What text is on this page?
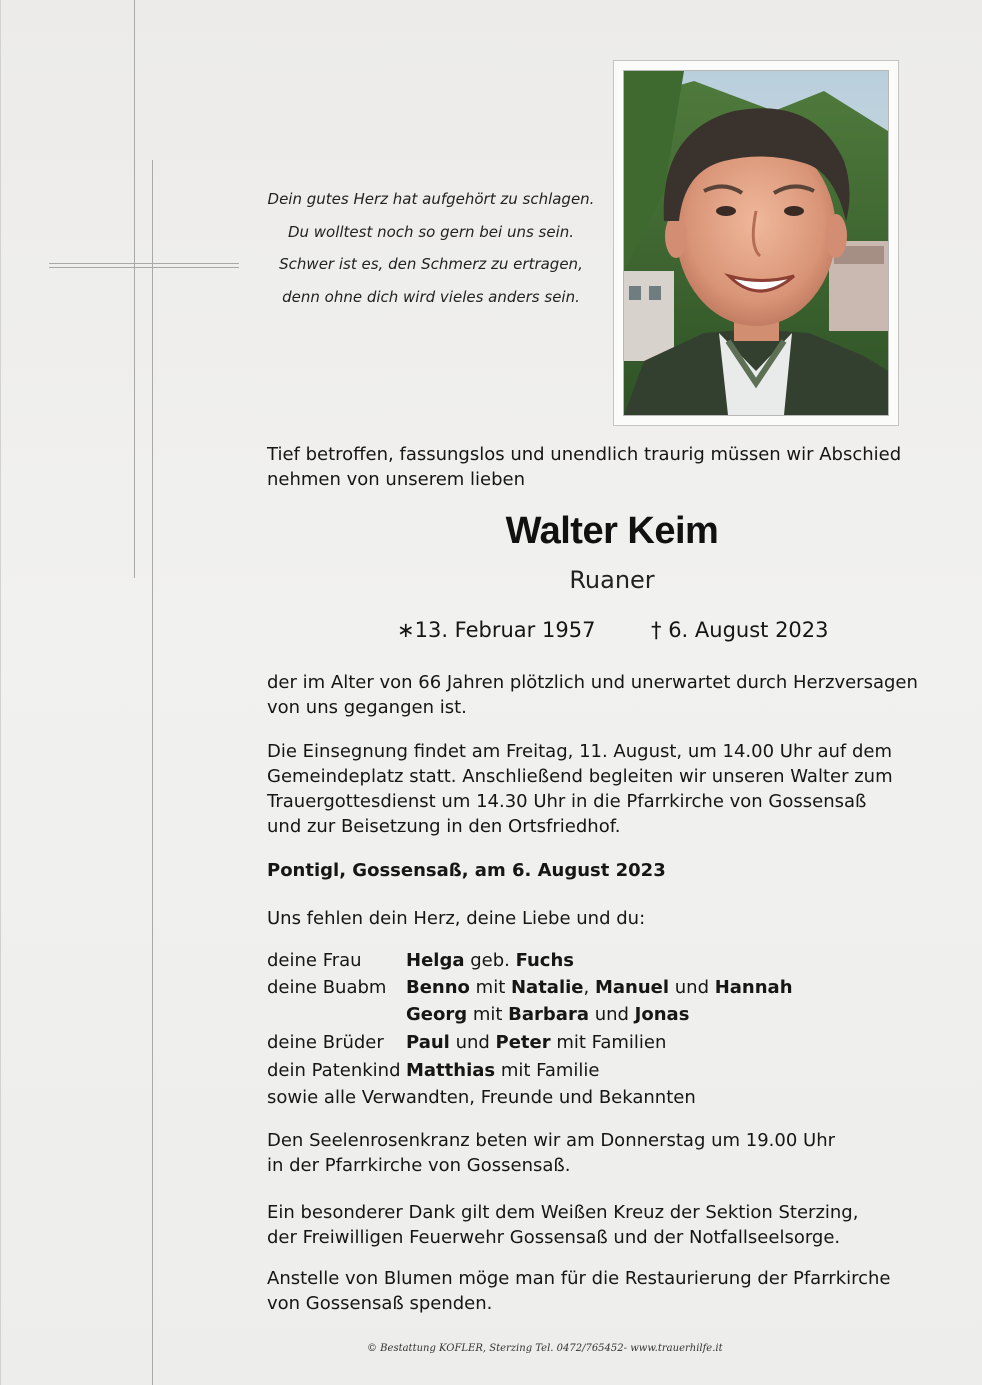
Dein gutes Herz hat aufgehört zu schlagen.
Du wolltest noch so gern bei uns sein.
Schwer ist es, den Schmerz zu ertragen,
denn ohne dich wird vieles anders sein.
Tief betroffen, fassungslos und unendlich traurig müssen wir Abschied
nehmen von unserem lieben
Walter Keim
Ruaner
∗13. Februar 1957	† 6. August 2023
der im Alter von 66 Jahren plötzlich und unerwartet durch Herzversagen
von uns gegangen ist.
Die Einsegnung findet am Freitag, 11. August, um 14.00 Uhr auf dem
Gemeindeplatz statt. Anschließend begleiten wir unseren Walter zum
Trauergottesdienst um 14.30 Uhr in die Pfarrkirche von Gossensaß
und zur Beisetzung in den Ortsfriedhof.
Pontigl, Gossensaß, am 6. August 2023
Uns fehlen dein Herz, deine Liebe und du:
deine Frau Helga geb. Fuchs
deine Buabm Benno mit Natalie, Manuel und Hannah
Georg mit Barbara und Jonas
deine Brüder Paul und Peter mit Familien
dein Patenkind Matthias mit Familie
sowie alle Verwandten, Freunde und Bekannten
Den Seelenrosenkranz beten wir am Donnerstag um 19.00 Uhr
in der Pfarrkirche von Gossensaß.
Ein besonderer Dank gilt dem Weißen Kreuz der Sektion Sterzing,
der Freiwilligen Feuerwehr Gossensaß und der Notfallseelsorge.
Anstelle von Blumen möge man für die Restaurierung der Pfarrkirche
von Gossensaß spenden.
© Bestattung KOFLER, Sterzing Tel. 0472/765452- www.trauerhilfe.it
